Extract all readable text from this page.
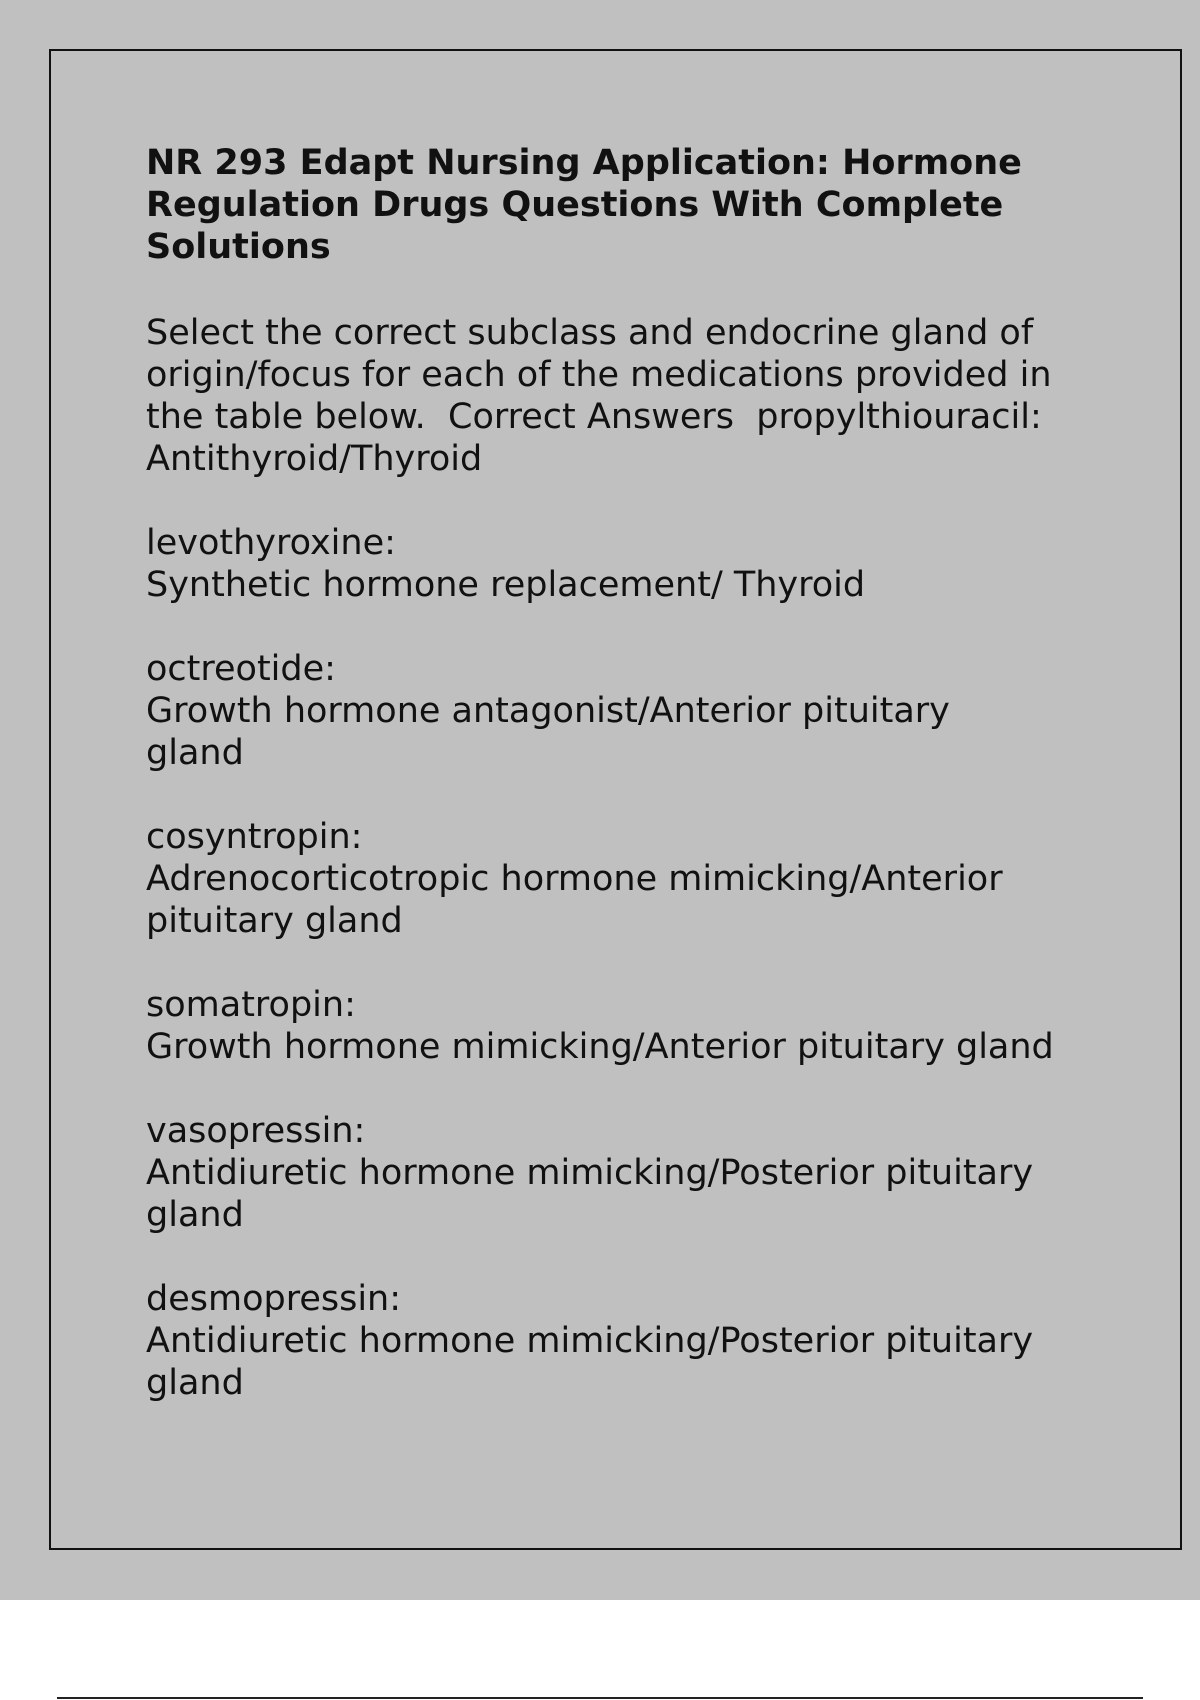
NR 293 Edapt Nursing Application: Hormone
Regulation Drugs Questions With Complete
Solutions

Select the correct subclass and endocrine gland of
origin/focus for each of the medications provided in
the table below.  Correct Answers  propylthiouracil:
Antithyroid/Thyroid

levothyroxine:
Synthetic hormone replacement/ Thyroid

octreotide:
Growth hormone antagonist/Anterior pituitary
gland

cosyntropin:
Adrenocorticotropic hormone mimicking/Anterior
pituitary gland

somatropin:
Growth hormone mimicking/Anterior pituitary gland

vasopressin:
Antidiuretic hormone mimicking/Posterior pituitary
gland

desmopressin:
Antidiuretic hormone mimicking/Posterior pituitary
gland
